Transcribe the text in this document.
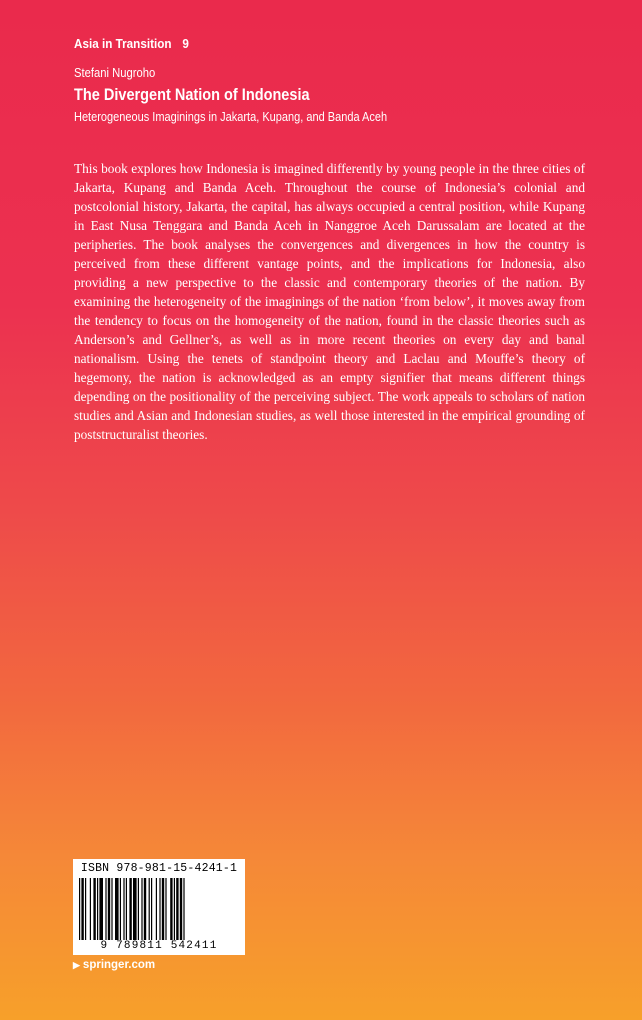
Asia in Transition 9
Stefani Nugroho
The Divergent Nation of Indonesia
Heterogeneous Imaginings in Jakarta, Kupang, and Banda Aceh

This book explores how Indonesia is imagined differently by young people in the three cities of Jakarta, Kupang and Banda Aceh. Throughout the course of Indonesia’s colonial and postcolonial history, Jakarta, the capital, has always occupied a central position, while Kupang in East Nusa Tenggara and Banda Aceh in Nanggroe Aceh Darussalam are located at the peripheries. The book analyses the convergences and divergences in how the country is perceived from these different vantage points, and the implications for Indonesia, also providing a new perspective to the classic and contemporary theories of the nation. By examining the heterogeneity of the imaginings of the nation ‘from below’, it moves away from the tendency to focus on the homogeneity of the nation, found in the classic theories such as Anderson’s and Gellner’s, as well as in more recent theories on every day and banal nationalism. Using the tenets of standpoint theory and Laclau and Mouffe’s theory of hegemony, the nation is acknowledged as an empty signifier that means different things depending on the positionality of the perceiving subject. The work appeals to scholars of nation studies and Asian and Indonesian studies, as well those interested in the empirical grounding of poststructuralist theories.

ISBN 978-981-15-4241-1
9 789811 542411
▶ springer.com
